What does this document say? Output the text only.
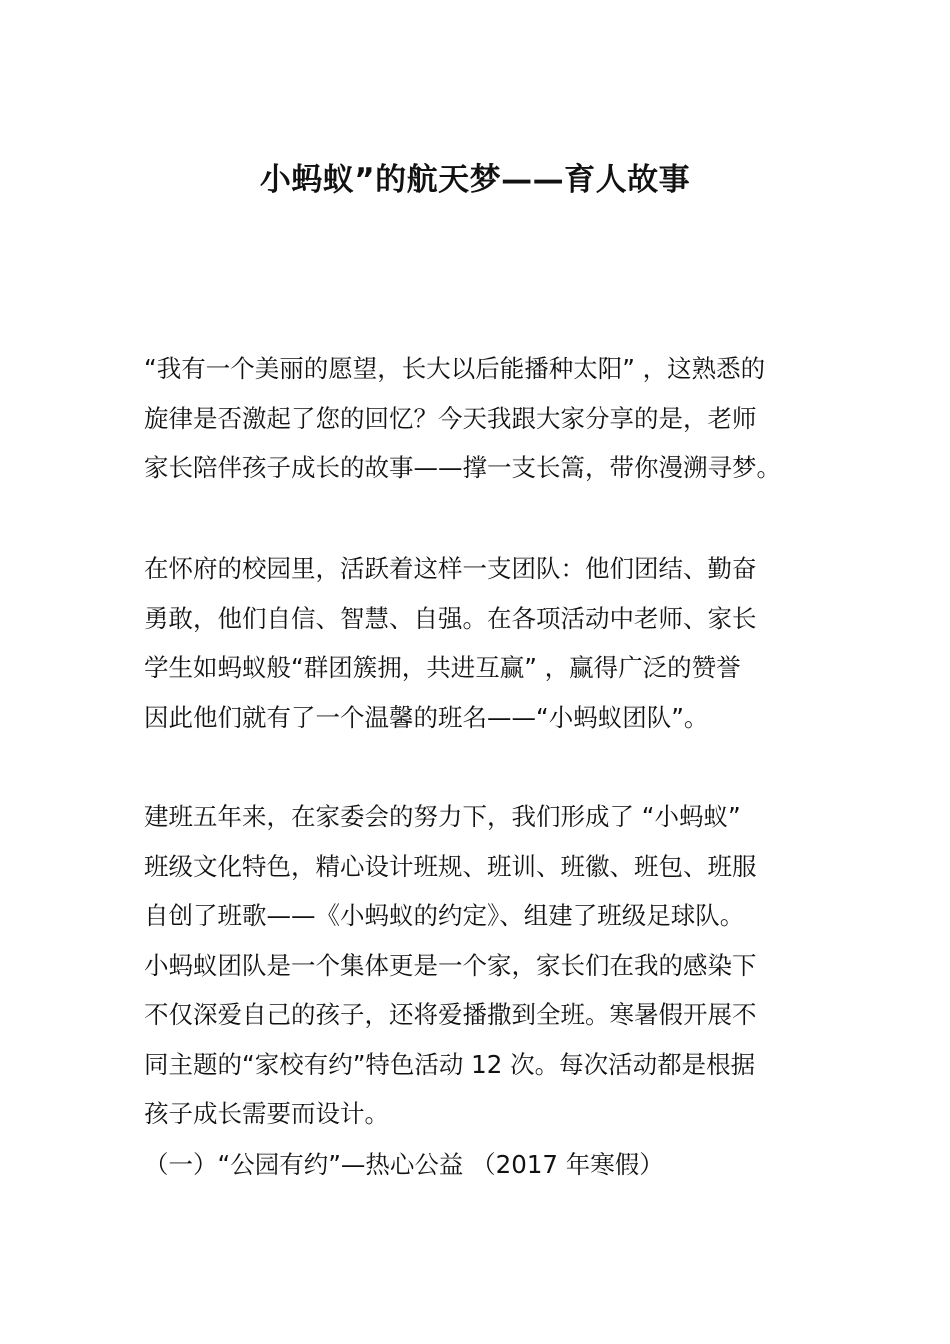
小蚂蚁”的航天梦——育人故事
“我有一个美丽的愿望，长大以后能播种太阳” ，这熟悉的
旋律是否激起了您的回忆？今天我跟大家分享的是，老师
家长陪伴孩子成长的故事——撑一支长篙，带你漫溯寻梦。
在怀府的校园里，活跃着这样一支团队：他们团结、勤奋
勇敢，他们自信、智慧、自强。在各项活动中老师、家长
学生如蚂蚁般“群团簇拥，共进互赢” ，赢得广泛的赞誉
因此他们就有了一个温馨的班名——“小蚂蚁团队”。
建班五年来，在家委会的努力下，我们形成了 “小蚂蚁”
班级文化特色，精心设计班规、班训、班徽、班包、班服
自创了班歌——《小蚂蚁的约定》、组建了班级足球队。
小蚂蚁团队是一个集体更是一个家，家长们在我的感染下
不仅深爱自己的孩子，还将爱播撒到全班。寒暑假开展不
同主题的“家校有约”特色活动 12 次。每次活动都是根据
孩子成长需要而设计。
（一）“公园有约”—热心公益 （2017 年寒假）
